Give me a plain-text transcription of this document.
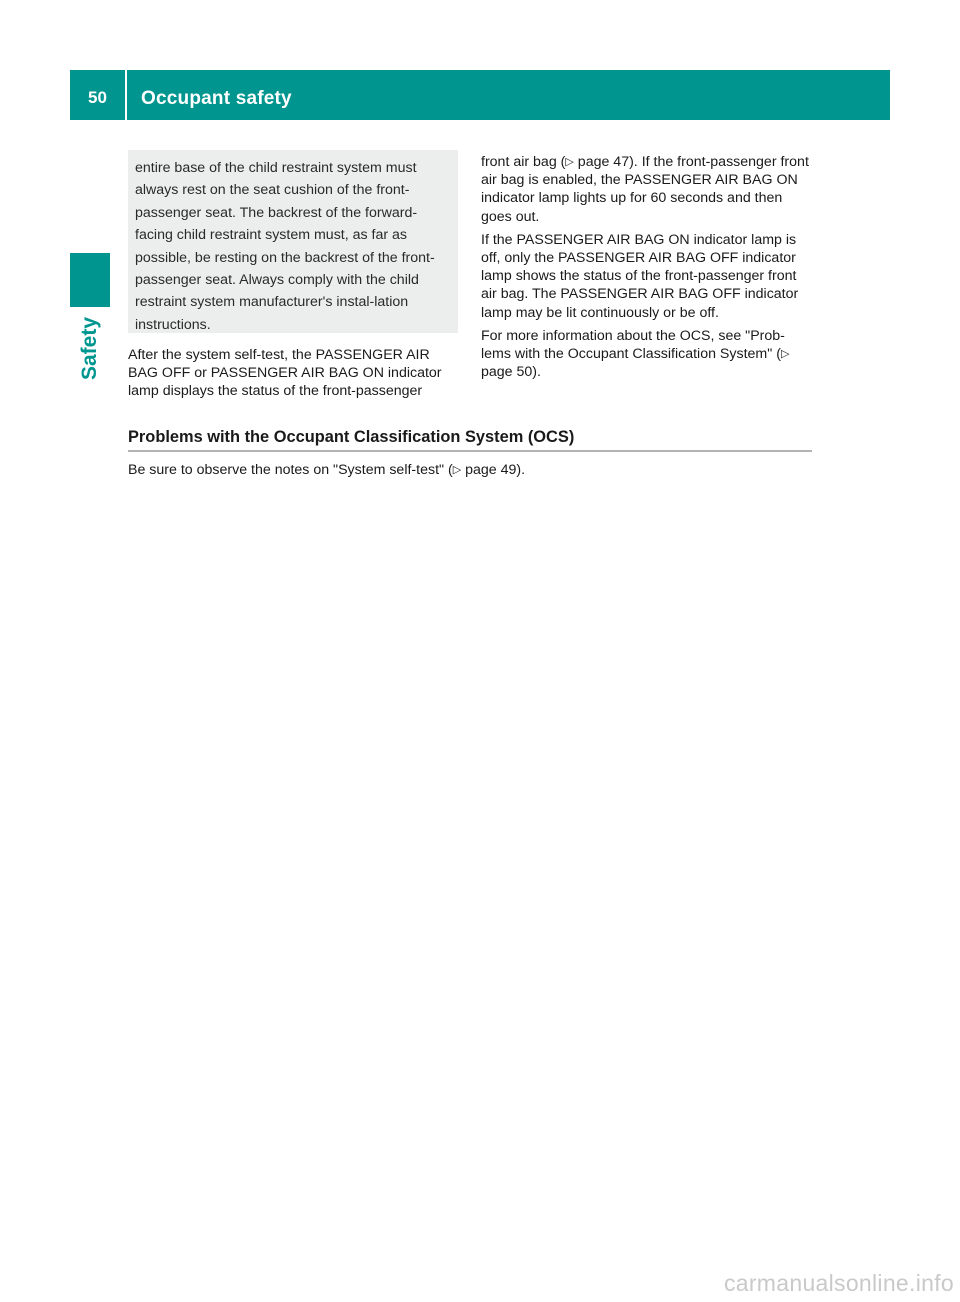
50	Occupant safety
Safety
entire base of the child restraint system must always rest on the seat cushion of the front-passenger seat. The backrest of the forward-facing child restraint system must, as far as possible, be resting on the backrest of the front-passenger seat. Always comply with the child restraint system manufacturer's instal-lation instructions.
After the system self-test, the PASSENGER AIR BAG OFF or PASSENGER AIR BAG ON indicator lamp displays the status of the front-passenger

front air bag (▷ page 47). If the front-passenger front air bag is enabled, the PASSENGER AIR BAG ON indicator lamp lights up for 60 seconds and then goes out.

If the PASSENGER AIR BAG ON indicator lamp is off, only the PASSENGER AIR BAG OFF indicator lamp shows the status of the front-passenger front air bag. The PASSENGER AIR BAG OFF indicator lamp may be lit continuously or be off.

For more information about the OCS, see "Prob-lems with the Occupant Classification System" (▷ page 50).

Problems with the Occupant Classification System (OCS)
Be sure to observe the notes on "System self-test" (▷ page 49).
carmanualsonline.info
